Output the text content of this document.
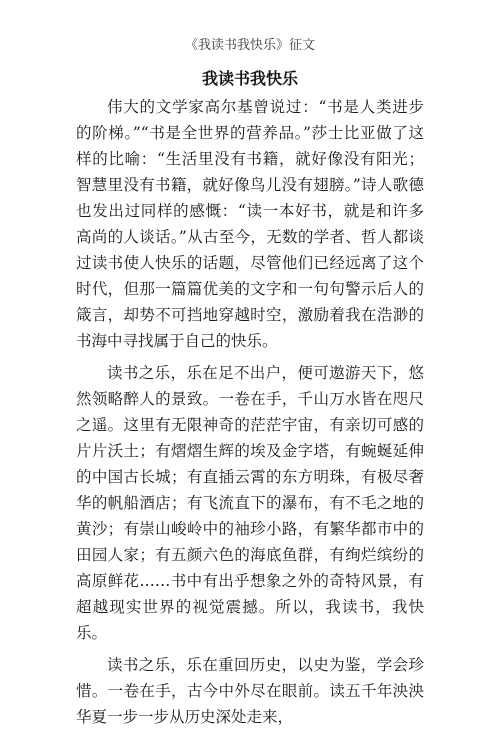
《我读书我快乐》征文
我读书我快乐

伟大的文学家高尔基曾说过：“书是人类进步的阶梯。”“书是全世界的营养品。”莎士比亚做了这样的比喻：“生活里没有书籍，就好像没有阳光；智慧里没有书籍，就好像鸟儿没有翅膀。”诗人歌德也发出过同样的感慨：“读一本好书，就是和许多高尚的人谈话。”从古至今，无数的学者、哲人都谈过读书使人快乐的话题，尽管他们已经远离了这个时代，但那一篇篇优美的文字和一句句警示后人的箴言，却势不可挡地穿越时空，激励着我在浩渺的书海中寻找属于自己的快乐。

读书之乐，乐在足不出户，便可遨游天下，悠然领略醉人的景致。一卷在手，千山万水皆在咫尺之遥。这里有无限神奇的茫茫宇宙，有亲切可感的片片沃土；有熠熠生辉的埃及金字塔，有蜿蜒延伸的中国古长城；有直插云霄的东方明珠，有极尽奢华的帆船酒店；有飞流直下的瀑布，有不毛之地的黄沙；有崇山峻岭中的袖珍小路，有繁华都市中的田园人家；有五颜六色的海底鱼群，有绚烂缤纷的高原鲜花……书中有出乎想象之外的奇特风景，有超越现实世界的视觉震撼。所以，我读书，我快乐。

读书之乐，乐在重回历史，以史为鉴，学会珍惜。一卷在手，古今中外尽在眼前。读五千年泱泱华夏一步一步从历史深处走来，
